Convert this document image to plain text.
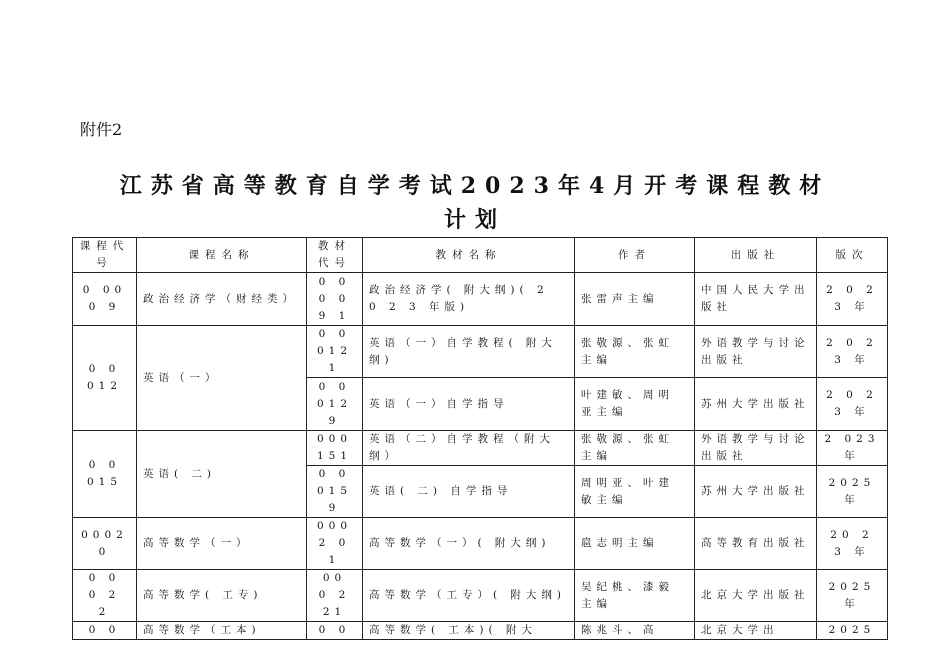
附件2
江苏省高等教育自学考试2023年4月开考课程教材
计划
课程代号	课程名称	教材代号	教材名称	作者	出版社	版次
0 00 0 9	政治经济学（财经类）	0 0 0 0 9 1	政治经济学( 附大纲)( 2 0 2 3 年版)	张雷声主编	中国人民大学出版社	2 0 23 年
0 0 012	英语（一）	0 0 0121	英语（一）自学教程( 附大纲)	张敬源、张虹主编	外语教学与讨论出版社	2 0 23 年
		0 0 012 9	英语（一）自学指导	叶建敏、周明亚主编	苏州大学出版社	2 0 2 3 年
0 0 015	英语( 二)	000151	英语（二）自学教程（附大纲）	张敬源、张虹主编	外语教学与讨论出版社	2 023 年
		0 0 0159	英语( 二) 自学指导	周明亚、叶建敏主编	苏州大学出版社	2025 年
00020	高等数学（一）	000 2 01	高等数学（一）( 附大纲)	扈志明主编	高等教育出版社	20 2 3 年
0 0 0 2 2	高等数学( 工专)	00 0 2 21	高等数学（工专）( 附大纲)	吴纪桃、漆毅主编	北京大学出版社	2025 年
0 0	高等数学（工本)	0 0	高等数学( 工本)( 附大	陈兆斗、高	北京大学出	2025
